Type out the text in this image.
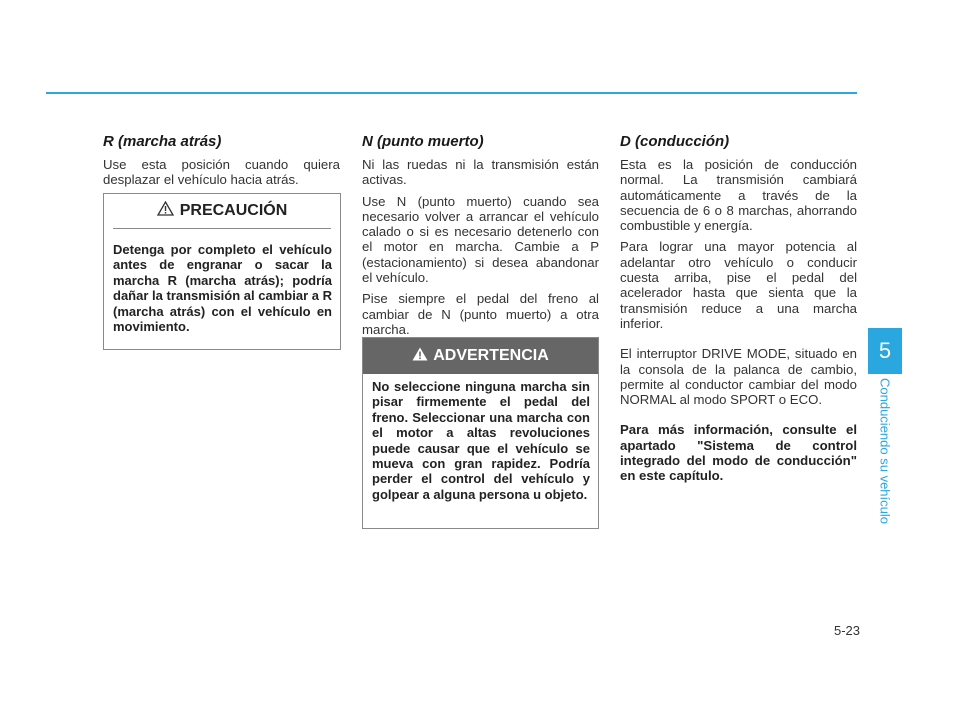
R (marcha atrás)

Use esta posición cuando quiera desplazar el vehículo hacia atrás.

PRECAUCIÓN
Detenga por completo el vehículo antes de engranar o sacar la marcha R (marcha atrás); podría dañar la transmisión al cambiar a R (marcha atrás) con el vehículo en movimiento.
N (punto muerto)

Ni las ruedas ni la transmisión están activas.

Use N (punto muerto) cuando sea necesario volver a arrancar el vehículo calado o si es necesario detenerlo con el motor en marcha. Cambie a P (estacionamiento) si desea abandonar el vehículo.

Pise siempre el pedal del freno al cambiar de N (punto muerto) a otra marcha.

ADVERTENCIA
No seleccione ninguna marcha sin pisar firmemente el pedal del freno. Seleccionar una marcha con el motor a altas revoluciones puede causar que el vehículo se mueva con gran rapidez. Podría perder el control del vehículo y golpear a alguna persona u objeto.
D (conducción)

Esta es la posición de conducción normal. La transmisión cambiará automáticamente a través de la secuencia de 6 o 8 marchas, ahorrando combustible y energía.

Para lograr una mayor potencia al adelantar otro vehículo o conducir cuesta arriba, pise el pedal del acelerador hasta que sienta que la transmisión reduce a una marcha inferior.

El interruptor DRIVE MODE, situado en la consola de la palanca de cambio, permite al conductor cambiar del modo NORMAL al modo SPORT o ECO.

Para más información, consulte el apartado "Sistema de control integrado del modo de conducción" en este capítulo.

5
Conduciendo su vehículo
5-23
